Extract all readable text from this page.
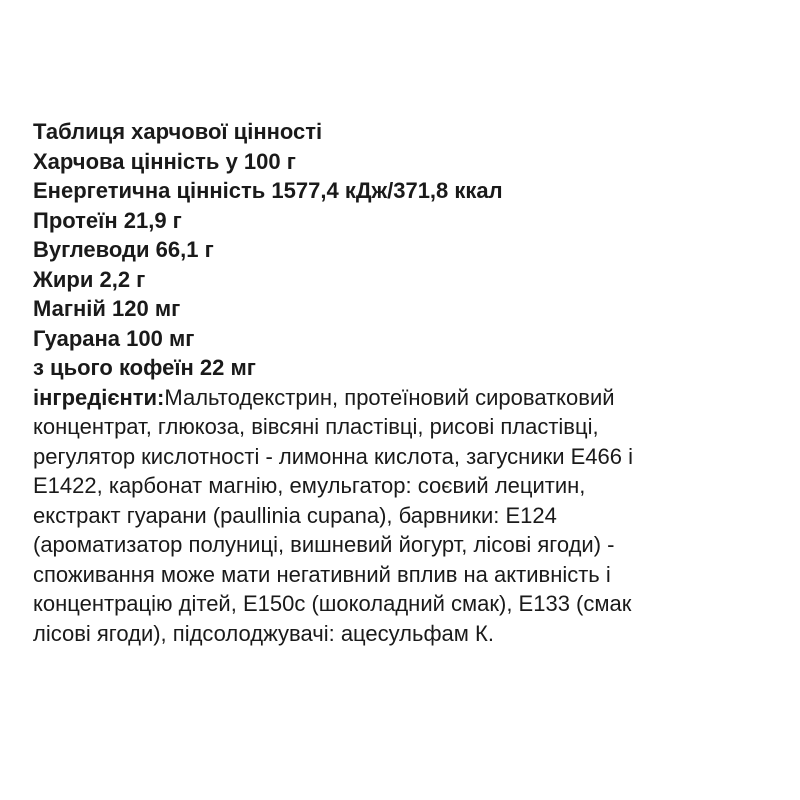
Таблиця харчової цінності
Харчова цінність у 100 г
Енергетична цінність 1577,4 кДж/371,8 ккал
Протеїн 21,9 г
Вуглеводи 66,1 г
Жири 2,2 г
Магній 120 мг
Гуарана 100 мг
з цього кофеїн 22 мг
інгредієнти:Мальтодекстрин, протеїновий сироватковий
концентрат, глюкоза, вівсяні пластівці, рисові пластівці,
регулятор кислотності - лимонна кислота, загусники Е466 і
Е1422, карбонат магнію, емульгатор: соєвий лецитин,
екстракт гуарани (paullinia cupana), барвники: Е124
(ароматизатор полуниці, вишневий йогурт, лісові ягоди) -
споживання може мати негативний вплив на активність і
концентрацію дітей, Е150с (шоколадний смак), Е133 (смак
лісові ягоди), підсолоджувачі: ацесульфам К.
